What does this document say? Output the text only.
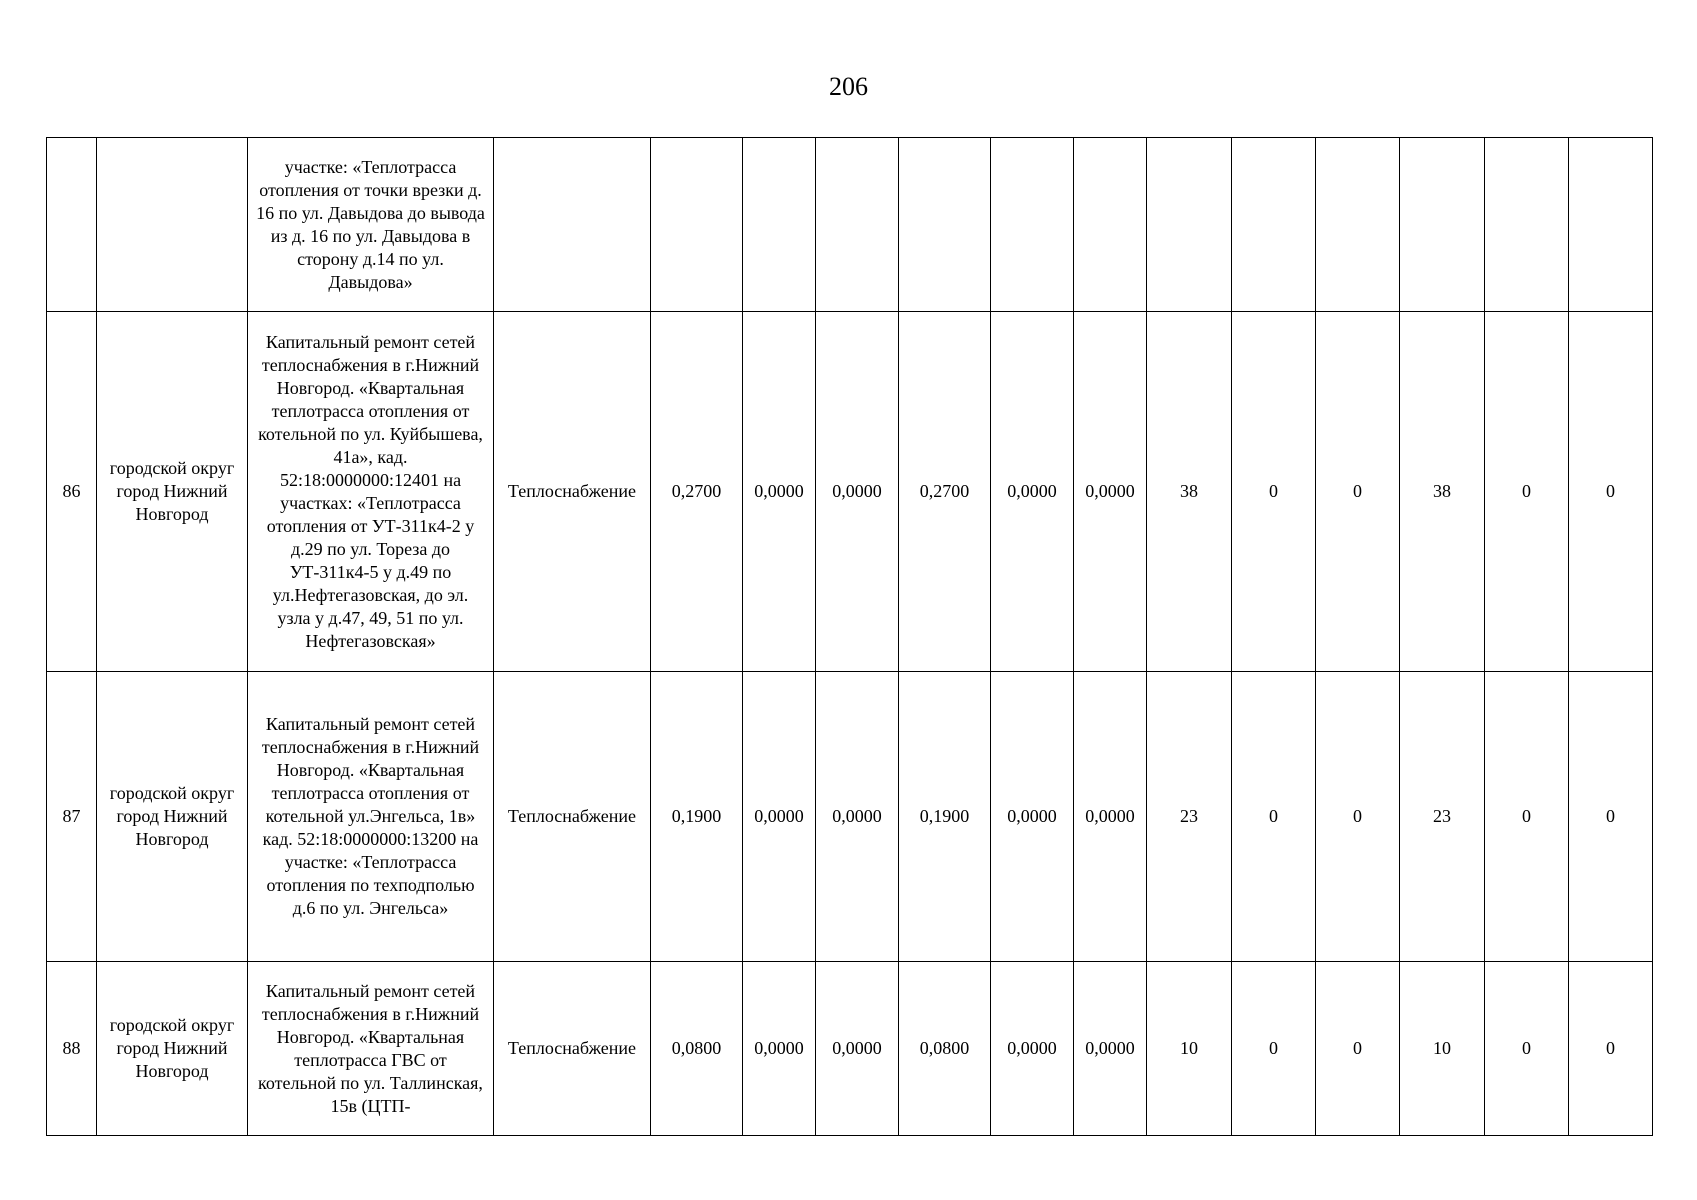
206
		участке: «Теплотрасса отопления от точки врезки д. 16 по ул. Давыдова до вывода из д. 16 по ул. Давыдова в сторону д.14 по ул. Давыдова»													
86	городской округ город Нижний Новгород	Капитальный ремонт сетей теплоснабжения в г.Нижний Новгород. «Квартальная теплотрасса отопления от котельной по ул. Куйбышева, 41а», кад. 52:18:0000000:12401 на участках: «Теплотрасса отопления от УТ-311к4-2 у д.29 по ул. Тореза до УТ-311к4-5 у д.49 по ул.Нефтегазовская, до эл. узла у д.47, 49, 51 по ул. Нефтегазовская»	Теплоснабжение	0,2700	0,0000	0,0000	0,2700	0,0000	0,0000	38	0	0	38	0	0
87	городской округ город Нижний Новгород	Капитальный ремонт сетей теплоснабжения в г.Нижний Новгород. «Квартальная теплотрасса отопления от котельной ул.Энгельса, 1в» кад. 52:18:0000000:13200 на участке: «Теплотрасса отопления по техподполью д.6 по ул. Энгельса»	Теплоснабжение	0,1900	0,0000	0,0000	0,1900	0,0000	0,0000	23	0	0	23	0	0
88	городской округ город Нижний Новгород	Капитальный ремонт сетей теплоснабжения в г.Нижний Новгород. «Квартальная теплотрасса ГВС от котельной по ул. Таллинская, 15в (ЦТП-	Теплоснабжение	0,0800	0,0000	0,0000	0,0800	0,0000	0,0000	10	0	0	10	0	0
